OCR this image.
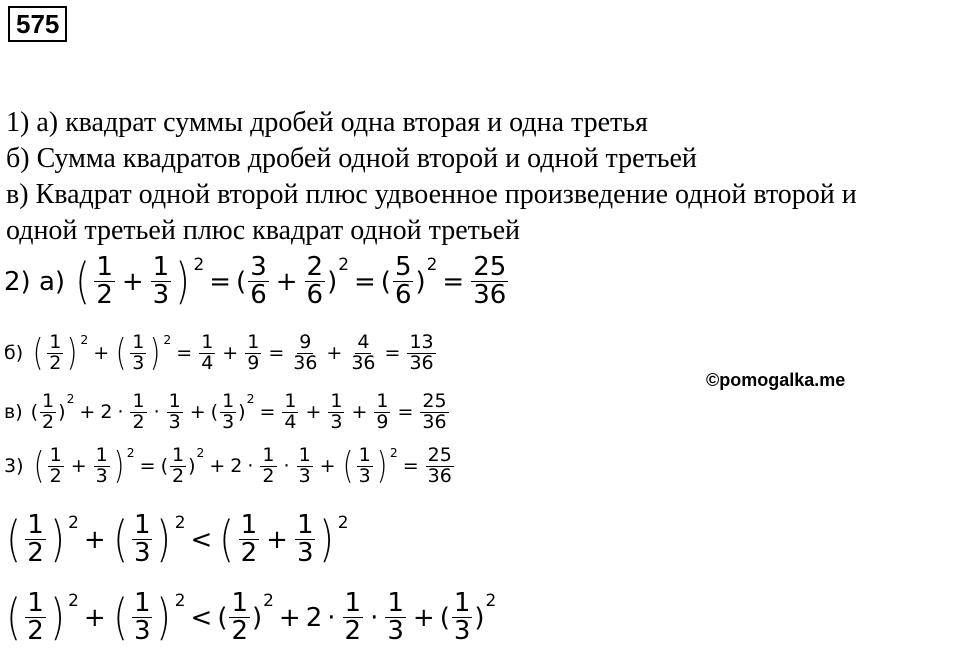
575
1) а) квадрат суммы дробей одна вторая и одна третья
б) Сумма квадратов дробей одной второй и одной третьей
в) Квадрат одной второй плюс удвоенное произведение одной второй и
одной третьей плюс квадрат одной третьей
©pomogalka.me
2) а) ( $\frac{1}{2} + \frac{1}{3}$ ) 2
= ( $\frac{3}{6} + \frac{2}{6}$ )
2
= ( $\frac{5}{6}$ )
2
= $\frac{25}{36}$
б) ( $\frac{1}{2}$ ) 2
+ ( $\frac{1}{3}$ ) 2
= $\frac{1}{4} + \frac{1}{9} = \frac{9}{36} + \frac{4}{36} = \frac{13}{36}$
в) ( $\frac{1}{2}$ )
2
+ $2 \cdot \frac{1}{2} \cdot \frac{1}{3}$ + ( $\frac{1}{3}$ )
2
= $\frac{1}{4} + \frac{1}{3} + \frac{1}{9} = \frac{25}{36}$
3) ( $\frac{1}{2} + \frac{1}{3}$ ) 2
= ( $\frac{1}{2}$ )
2
+ $2 \cdot \frac{1}{2} \cdot \frac{1}{3}$ + ( $\frac{1}{3}$ ) 2
= $\frac{25}{36}$
( $\frac{1}{2}$ ) 2
+ ( $\frac{1}{3}$ ) 2
< ( $\frac{1}{2} + \frac{1}{3}$ ) 2
( $\frac{1}{2}$ ) 2
+ ( $\frac{1}{3}$ ) 2
< ( $\frac{1}{2}$ )
2
+ $2 \cdot \frac{1}{2} \cdot \frac{1}{3}$ + ( $\frac{1}{3}$ )
2
